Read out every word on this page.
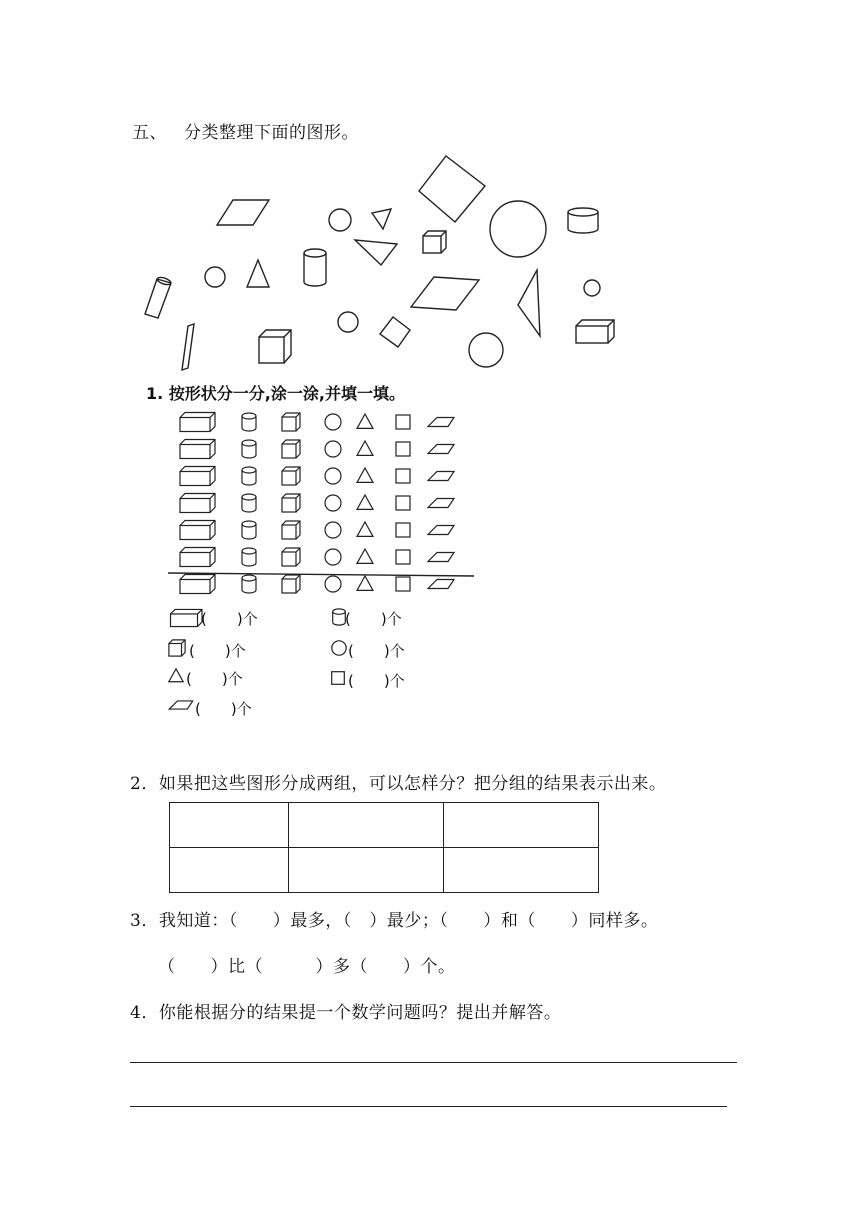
五、 分类整理下面的图形。
1. 按形状分一分,涂一涂,并填一填。
(　　)个	(　　)个
(　　)个	(　　)个
(　　)个	(　　)个
(　　)个
2．如果把这些图形分成两组，可以怎样分？把分组的结果表示出来。

3．我知道：（　　）最多，（　）最少；（　　）和（　　）同样多。
（　　）比（　　　）多（　　）个。
4．你能根据分的结果提一个数学问题吗？提出并解答。
